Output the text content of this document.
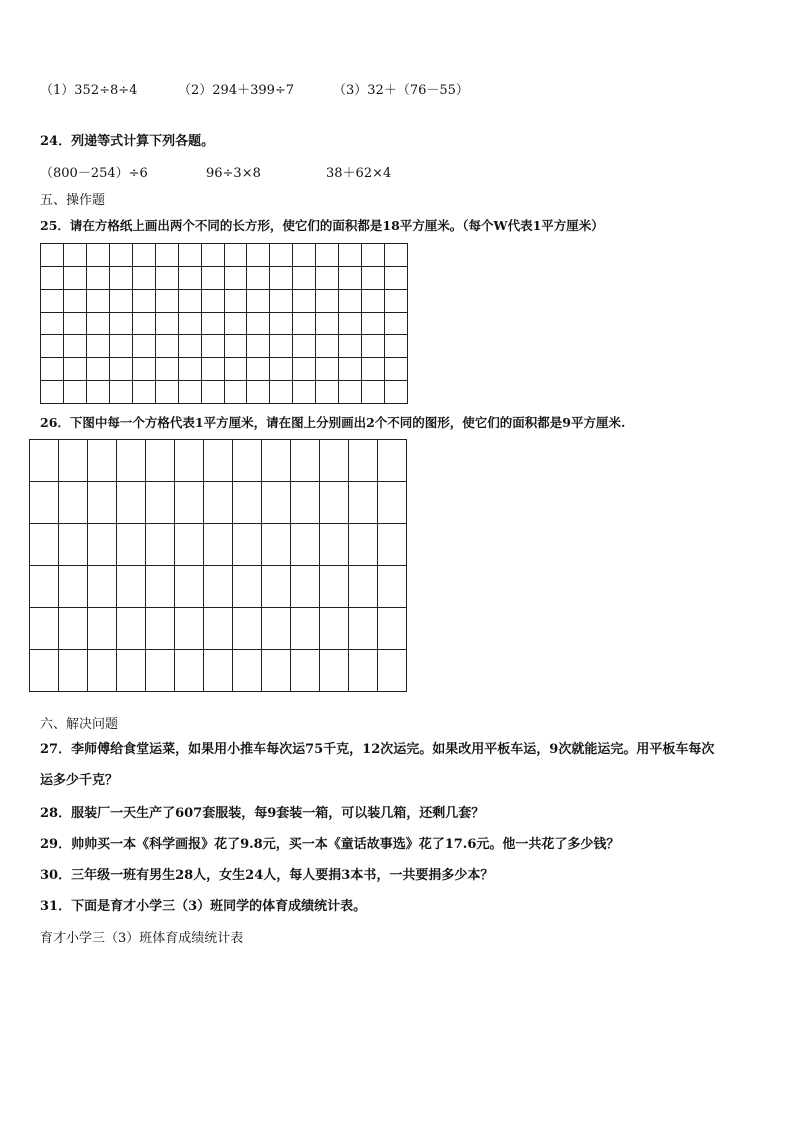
（1）352÷8÷4	（2）294＋399÷7	（3）32＋（76－55）
24．列递等式计算下列各题。
（800－254）÷6	96÷3×8	38＋62×4
五、操作题
25．请在方格纸上画出两个不同的长方形，使它们的面积都是18平方厘米。（每个W代表1平方厘米）
26．下图中每一个方格代表1平方厘米，请在图上分别画出2个不同的图形，使它们的面积都是9平方厘米.
六、解决问题
27．李师傅给食堂运菜，如果用小推车每次运75千克，12次运完。如果改用平板车运，9次就能运完。用平板车每次
运多少千克？
28．服装厂一天生产了607套服装，每9套装一箱，可以装几箱，还剩几套？
29．帅帅买一本《科学画报》花了9.8元，买一本《童话故事选》花了17.6元。他一共花了多少钱？
30．三年级一班有男生28人，女生24人，每人要捐3本书，一共要捐多少本？
31．下面是育才小学三（3）班同学的体育成绩统计表。
育才小学三（3）班体育成绩统计表
